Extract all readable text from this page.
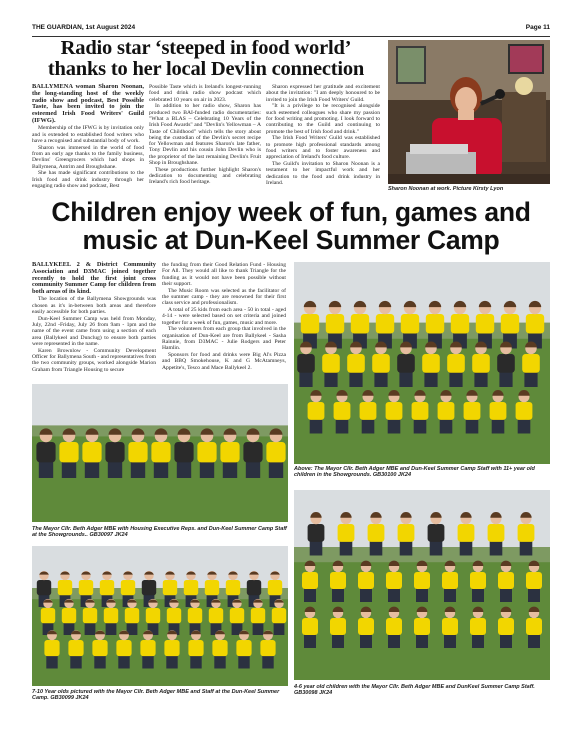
THE GUARDIAN, 1st August 2024	Page 11
Radio star ‘steeped in food world’ thanks to her local Devlin connection

BALLYMENA woman Sharon Noonan, the long-standing host of the weekly radio show and podcast, Best Possible Taste, has been invited to join the esteemed Irish Food Writers' Guild (IFWG).

Membership of the IFWG is by invitation only and is extended to established food writers who have a recognised and substantial body of work.

Sharon was immersed in the world of food from an early age thanks to the family business, Devlins' Greengrocers which had shops in Ballymena, Antrim and Broughshane.

She has made significant contributions to the Irish food and drink industry through her engaging radio show and podcast, Best

Possible Taste which is Ireland's longest-running food and drink radio show podcast which celebrated 10 years on air in 2023.

In addition to her radio show, Sharon has produced two BAI-funded radio documentaries: "What a BLAS – Celebrating 10 Years of the Irish Food Awards" and "Devlin's Yellowman – A Taste of Childhood" which tells the story about being the custodian of the Devlin's secret recipe for Yellowman and features Sharon's late father, Tony Devlin and his cousin John Devlin who is the proprietor of the last remaining Devlin's Fruit Shop in Broughshane.

These productions further highlight Sharon's dedication to documenting and celebrating Ireland's rich food heritage.

Sharon expressed her gratitude and excitement about the invitation: "I am deeply honoured to be invited to join the Irish Food Writers' Guild.

"It is a privilege to be recognised alongside such esteemed colleagues who share my passion for food writing and promoting. I look forward to contributing to the Guild and continuing to promote the best of Irish food and drink."

The Irish Food Writers' Guild was established to promote high professional standards among food writers and to foster awareness and appreciation of Ireland's food culture.

The Guild's invitation to Sharon Noonan is a testament to her impactful work and her dedication to the food and drink industry in Ireland.

Sharon Noonan at work. Picture Kirsty Lyon
Children enjoy week of fun, games and music at Dun-Keel Summer Camp

BALLYKEEL 2 & District Community Association and D3MAC joined together recently to hold the first joint cross community Summer Camp for children from both areas of its kind.

The location of the Ballymena Showgrounds was chosen as it's in-between both areas and therefore easily accessible for both parties.

Dun-Keel Summer Camp was held from Monday, July, 22nd -Friday, July 26 from 9am - 1pm and the name of the event came from using a section of each area (Ballykeel and Dunclug) to ensure both parties were represented in the name.

Karen Brownlow - Community Development Officer for Ballymena South - and representatives from the two community groups, worked alongside Marion Graham from Triangle Housing to secure

the funding from their Good Relation Fund - Housing For All. They would all like to thank Triangle for the funding as it would not have been possible without their support.

The Music Room was selected as the facilitator of the summer camp - they are renowned for their first class service and professionalism.

A total of 25 kids from each area - 50 in total - aged 4-14 - were selected based on set criteria and joined together for a week of fun, games, music and more.

The volunteers from each group that involved in the organisation of Dun-Keel are from Ballykeel - Sasha Rainnie, from D3MAC - Julie Rodgers and Peter Hamlin.

Sponsors for food and drinks were Big Al's Pizza and BBQ Smokehouse, K and G McAtamneys, Appetite's, Tesco and Mace Ballykeel 2.

Above: The Mayor Cllr. Beth Adger MBE and Dun-Keel Summer Camp Staff with 11+ year old children in the Showgrounds. GB30100 JK24
The Mayor Cllr. Beth Adger MBE with Housing Executive Reps. and Dun-Keel Summer Camp Staff at the Showgrounds.. GB30097 JK24
7-10 Year olds pictured with the Mayor Cllr. Beth Adger MBE and Staff at the Dun-Keel Summer Camp. GB30099 JK24
4-6 year old children with the Mayor Cllr. Beth Adger MBE and DunKeel Summer Camp Staff. GB30098 JK24
